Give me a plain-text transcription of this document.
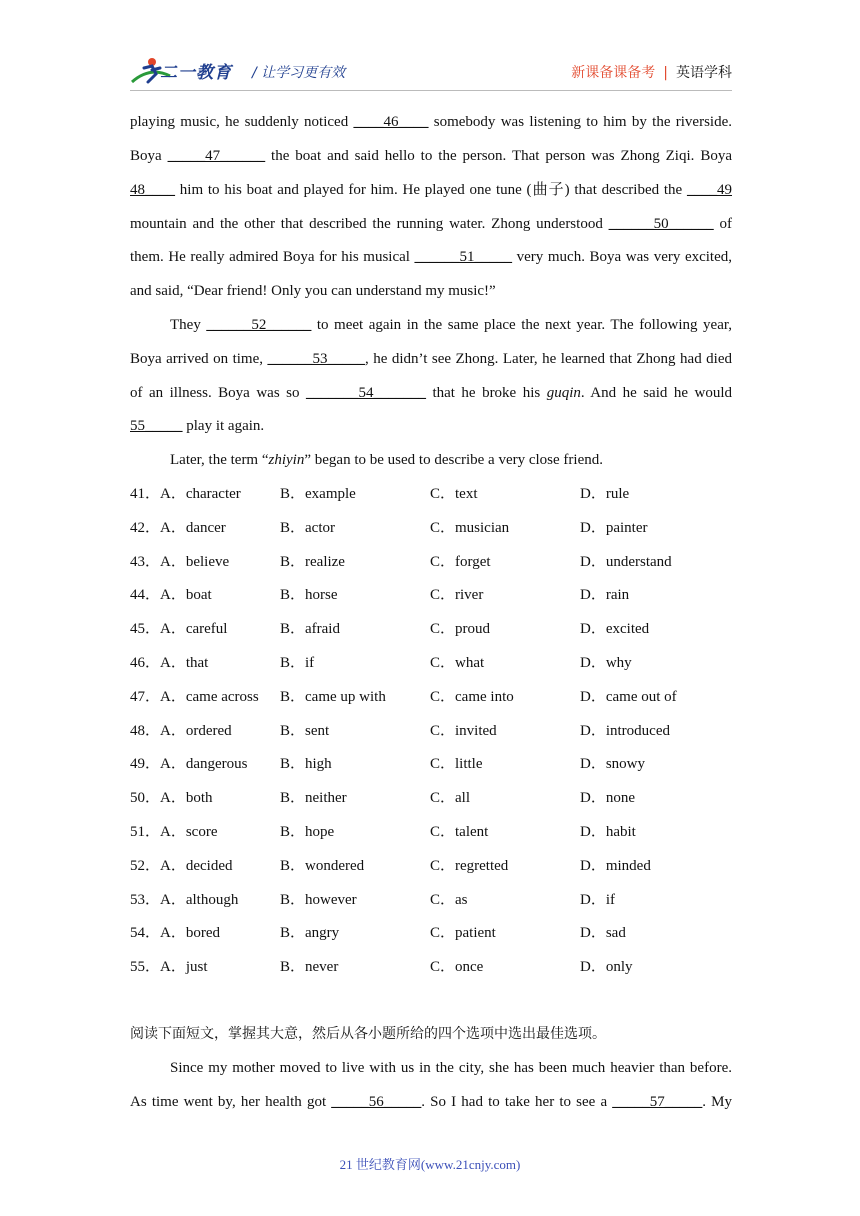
二一教育 / 让学习更有效	新课备课备考 | 英语学科
playing music, he suddenly noticed ____46____ somebody was listening to him by the riverside.
Boya _____47______ the boat and said hello to the person. That person was Zhong Ziqi. Boya
48____ him to his boat and played for him. He played one tune (曲子) that described the ____49
mountain and the other that described the running water. Zhong understood ______50______ of
them. He really admired Boya for his musical ______51_____ very much. Boya was very excited,
and said, “Dear friend! Only you can understand my music!”
They ______52______ to meet again in the same place the next year. The following year,
Boya arrived on time, ______53_____, he didn’t see Zhong. Later, he learned that Zhong had died
of an illness. Boya was so _______54_______ that he broke his guqin. And he said he would
55_____ play it again.
Later, the term “zhiyin” began to be used to describe a very close friend.
41．A．character	B．example	C．text	D．rule
42．A．dancer	B．actor	C．musician	D．painter
43．A．believe	B．realize	C．forget	D．understand
44．A．boat	B．horse	C．river	D．rain
45．A．careful	B．afraid	C．proud	D．excited
46．A．that	B．if	C．what	D．why
47．A．came across B．came up with	C．came into	D．came out of
48．A．ordered	B．sent	C．invited	D．introduced
49．A．dangerous B．high	C．little	D．snowy
50．A．both	B．neither	C．all	D．none
51．A．score	B．hope	C．talent	D．habit
52．A．decided	B．wondered	C．regretted	D．minded
53．A．although	B．however	C．as	D．if
54．A．bored	B．angry	C．patient	D．sad
55．A．just	B．never	C．once	D．only
阅读下面短文，掌握其大意，然后从各小题所给的四个选项中选出最佳选项。
Since my mother moved to live with us in the city, she has been much heavier than before.
As time went by, her health got _____56_____. So I had to take her to see a _____57_____. My
21 世纪教育网(www.21cnjy.com)
